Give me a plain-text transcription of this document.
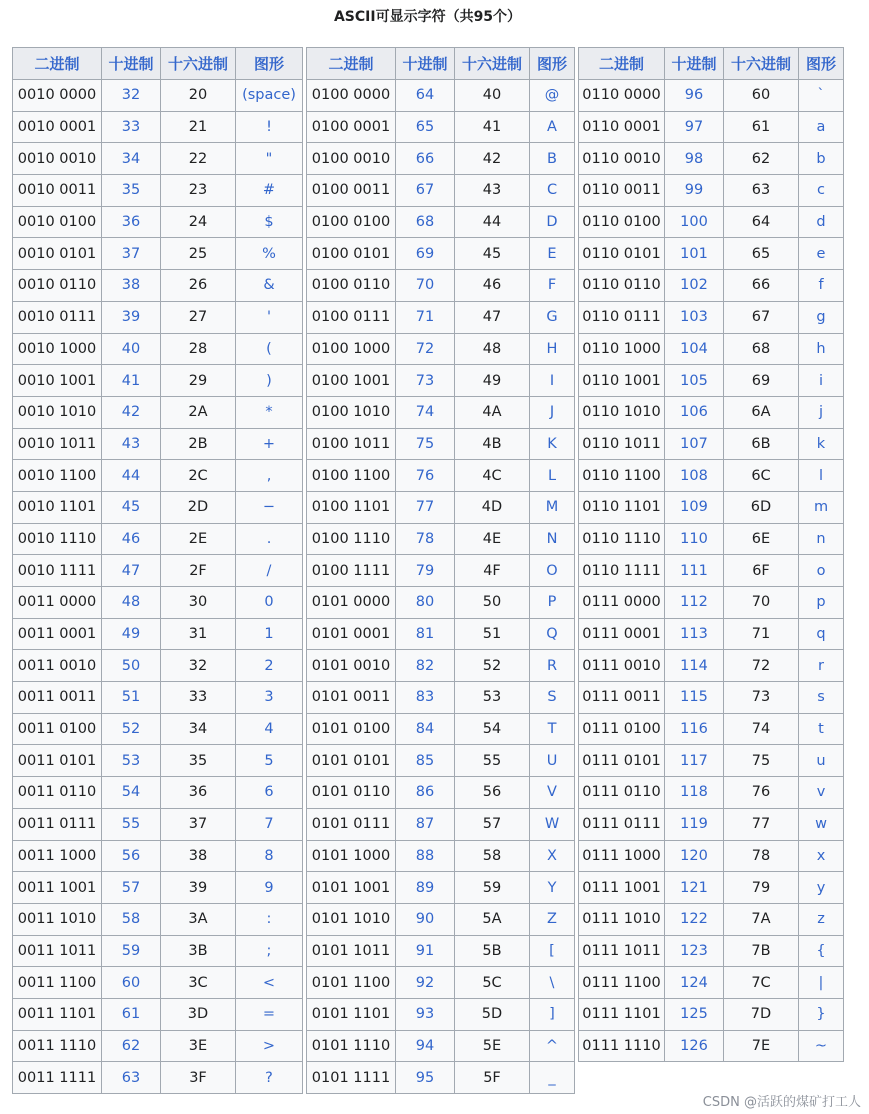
ASCII可显示字符（共95个）
二进制	十进制	十六进制	图形
0010 0000	32	20	(space)
0010 0001	33	21	!
0010 0010	34	22	"
0010 0011	35	23	#
0010 0100	36	24	$
0010 0101	37	25	%
0010 0110	38	26	&
0010 0111	39	27	'
0010 1000	40	28	(
0010 1001	41	29	)
0010 1010	42	2A	*
0010 1011	43	2B	+
0010 1100	44	2C	,
0010 1101	45	2D	−
0010 1110	46	2E	.
0010 1111	47	2F	/
0011 0000	48	30	0
0011 0001	49	31	1
0011 0010	50	32	2
0011 0011	51	33	3
0011 0100	52	34	4
0011 0101	53	35	5
0011 0110	54	36	6
0011 0111	55	37	7
0011 1000	56	38	8
0011 1001	57	39	9
0011 1010	58	3A	:
0011 1011	59	3B	;
0011 1100	60	3C	<
0011 1101	61	3D	=
0011 1110	62	3E	>
0011 1111	63	3F	?
二进制	十进制	十六进制	图形
0100 0000	64	40	@
0100 0001	65	41	A
0100 0010	66	42	B
0100 0011	67	43	C
0100 0100	68	44	D
0100 0101	69	45	E
0100 0110	70	46	F
0100 0111	71	47	G
0100 1000	72	48	H
0100 1001	73	49	I
0100 1010	74	4A	J
0100 1011	75	4B	K
0100 1100	76	4C	L
0100 1101	77	4D	M
0100 1110	78	4E	N
0100 1111	79	4F	O
0101 0000	80	50	P
0101 0001	81	51	Q
0101 0010	82	52	R
0101 0011	83	53	S
0101 0100	84	54	T
0101 0101	85	55	U
0101 0110	86	56	V
0101 0111	87	57	W
0101 1000	88	58	X
0101 1001	89	59	Y
0101 1010	90	5A	Z
0101 1011	91	5B	[
0101 1100	92	5C	\
0101 1101	93	5D	]
0101 1110	94	5E	^
0101 1111	95	5F	_
二进制	十进制	十六进制	图形
0110 0000	96	60	`
0110 0001	97	61	a
0110 0010	98	62	b
0110 0011	99	63	c
0110 0100	100	64	d
0110 0101	101	65	e
0110 0110	102	66	f
0110 0111	103	67	g
0110 1000	104	68	h
0110 1001	105	69	i
0110 1010	106	6A	j
0110 1011	107	6B	k
0110 1100	108	6C	l
0110 1101	109	6D	m
0110 1110	110	6E	n
0110 1111	111	6F	o
0111 0000	112	70	p
0111 0001	113	71	q
0111 0010	114	72	r
0111 0011	115	73	s
0111 0100	116	74	t
0111 0101	117	75	u
0111 0110	118	76	v
0111 0111	119	77	w
0111 1000	120	78	x
0111 1001	121	79	y
0111 1010	122	7A	z
0111 1011	123	7B	{
0111 1100	124	7C	|
0111 1101	125	7D	}
0111 1110	126	7E	~
CSDN @活跃的煤矿打工人
